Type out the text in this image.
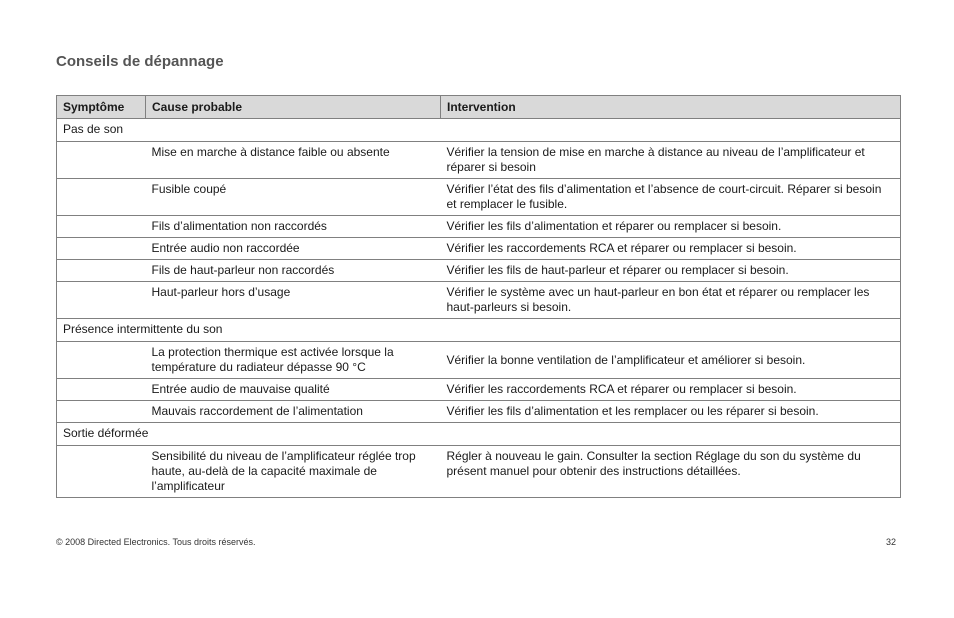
Conseils de dépannage
Symptôme	Cause probable	Intervention
Pas de son		
	Mise en marche à distance faible ou absente	Vérifier la tension de mise en marche à distance au niveau de l’amplificateur et réparer si besoin
	Fusible coupé	Vérifier l’état des fils d’alimentation et l’absence de court-circuit. Réparer si besoin et remplacer le fusible.
	Fils d’alimentation non raccordés	Vérifier les fils d’alimentation et réparer ou remplacer si besoin.
	Entrée audio non raccordée	Vérifier les raccordements RCA et réparer ou remplacer si besoin.
	Fils de haut-parleur non raccordés	Vérifier les fils de haut-parleur et réparer ou remplacer si besoin.
	Haut-parleur hors d’usage	Vérifier le système avec un haut-parleur en bon état et réparer ou remplacer les haut-parleurs si besoin.
Présence intermittente du son		
	La protection thermique est activée lorsque la température du radiateur dépasse 90 °C	Vérifier la bonne ventilation de l’amplificateur et améliorer si besoin.
	Entrée audio de mauvaise qualité	Vérifier les raccordements RCA et réparer ou remplacer si besoin.
	Mauvais raccordement de l’alimentation	Vérifier les fils d’alimentation et les remplacer ou les réparer si besoin.
Sortie déformée		
	Sensibilité du niveau de l’amplificateur réglée trop haute, au-delà de la capacité maximale de l’amplificateur	Régler à nouveau le gain. Consulter la section Réglage du son du système du présent manuel pour obtenir des instructions détaillées.
© 2008 Directed Electronics. Tous droits réservés.	32
